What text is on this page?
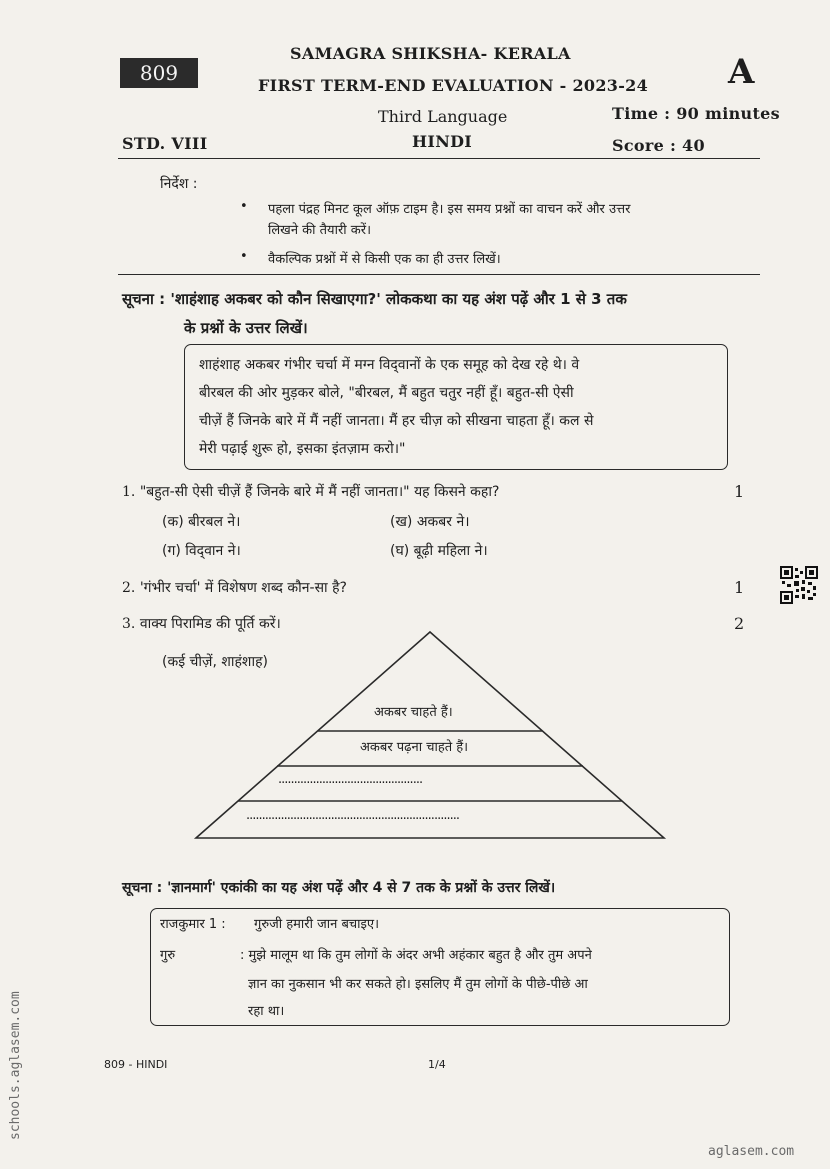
809
SAMAGRA SHIKSHA- KERALA
FIRST TERM-END EVALUATION - 2023-24 A
Third Language
HINDI
STD. VIII
Time : 90 minutes
Score : 40
निर्देश :
• पहला पंद्रह मिनट कूल ऑफ़ टाइम है। इस समय प्रश्नों का वाचन करें और उत्तर
लिखने की तैयारी करें।
• वैकल्पिक प्रश्नों में से किसी एक का ही उत्तर लिखें।
सूचना : 'शाहंशाह अकबर को कौन सिखाएगा?' लोककथा का यह अंश पढ़ें और 1 से 3 तक
के प्रश्नों के उत्तर लिखें।
शाहंशाह अकबर गंभीर चर्चा में मग्न विद्‌वानों के एक समूह को देख रहे थे। वे
बीरबल की ओर मुड़कर बोले, "बीरबल, मैं बहुत चतुर नहीं हूँ। बहुत-सी ऐसी
चीज़ें हैं जिनके बारे में मैं नहीं जानता। मैं हर चीज़ को सीखना चाहता हूँ। कल से
मेरी पढ़ाई शुरू हो, इसका इंतज़ाम करो।"
1. "बहुत-सी ऐसी चीज़ें हैं जिनके बारे में मैं नहीं जानता।" यह किसने कहा?	1
(क) बीरबल ने।	(ख) अकबर ने।
(ग) विद्‌वान ने।	(घ) बूढ़ी महिला ने।
2. 'गंभीर चर्चा' में विशेषण शब्द कौन-सा है?	1
3. वाक्य पिरामिड की पूर्ति करें।	2
(कई चीज़ें, शाहंशाह)
अकबर चाहते हैं।
अकबर पढ़ना चाहते हैं।
..............................................
....................................................................
सूचना : 'ज्ञानमार्ग' एकांकी का यह अंश पढ़ें और 4 से 7 तक के प्रश्नों के उत्तर लिखें।
राजकुमार 1 : गुरुजी हमारी जान बचाइए।
गुरु	: मुझे मालूम था कि तुम लोगों के अंदर अभी अहंकार बहुत है और तुम अपने
ज्ञान का नुकसान भी कर सकते हो। इसलिए मैं तुम लोगों के पीछे-पीछे आ
रहा था।
809 - HINDI	1/4
aglasem.com
schools.aglasem.com
